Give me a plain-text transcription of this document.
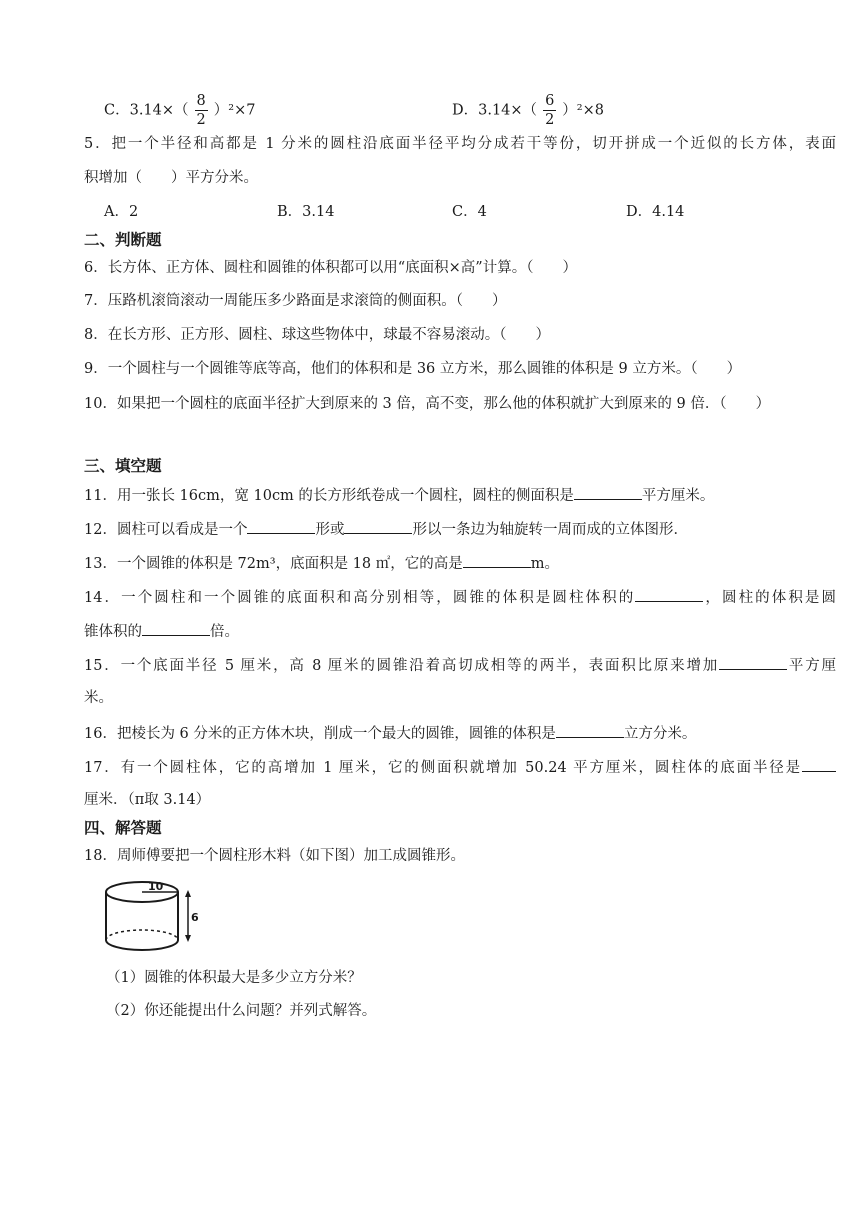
C．$3.14\times( \frac{8}{2} )^2\times 7$	D．$3.14\times( \frac{6}{2} )^2\times 8$
5．把一个半径和高都是 1 分米的圆柱沿底面半径平均分成若干等份，切开拼成一个近似的长方体，表面
积增加（　　）平方分米。
A．2	B．3.14	C．4	D．4.14
二、判断题
6．长方体、正方体、圆柱和圆锥的体积都可以用“底面积×高”计算。（　　）
7．压路机滚筒滚动一周能压多少路面是求滚筒的侧面积。（　　）
8．在长方形、正方形、圆柱、球这些物体中，球最不容易滚动。（　　）
9．一个圆柱与一个圆锥等底等高，他们的体积和是 36 立方米，那么圆锥的体积是 9 立方米。（　　）
10．如果把一个圆柱的底面半径扩大到原来的 3 倍，高不变，那么他的体积就扩大到原来的 9 倍．（　　）
三、填空题
11．用一张长 16cm，宽 10cm 的长方形纸卷成一个圆柱，圆柱的侧面积是	平方厘米。
12．圆柱可以看成是一个	形或	形以一条边为轴旋转一周而成的立体图形．
13．一个圆锥的体积是 72m³，底面积是 18 ㎡，它的高是	m。
14．一个圆柱和一个圆锥的底面积和高分别相等，圆锥的体积是圆柱体积的	，圆柱的体积是圆
锥体积的	倍。
15．一个底面半径 5 厘米，高 8 厘米的圆锥沿着高切成相等的两半，表面积比原来增加	平方厘
米。
16．把棱长为 6 分米的正方体木块，削成一个最大的圆锥，圆锥的体积是	立方分米。
17．有一个圆柱体，它的高增加 1 厘米，它的侧面积就增加 50.24 平方厘米，圆柱体的底面半径是
厘米．（π取 3.14）
四、解答题
18．周师傅要把一个圆柱形木料（如下图）加工成圆锥形。
10
6
（1）圆锥的体积最大是多少立方分米？
（2）你还能提出什么问题？并列式解答。
